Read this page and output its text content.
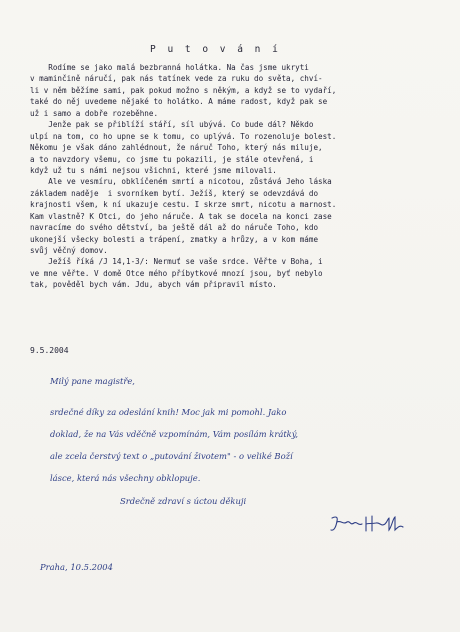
P u t o v á n í
Rodíme se jako malá bezbranná holátka. Na čas jsme ukryti
v maminčině náručí, pak nás tatínek vede za ruku do světa, chví-
li v něm běžíme sami, pak pokud možno s někým, a když se to vydaří,
také do něj uvedeme nějaké to holátko. A máme radost, když pak se
už i samo a dobře rozeběhne.
Jenže pak se přiblíží stáří, síl ubývá. Co bude dál? Někdo
ulpí na tom, co ho upne se k tomu, co uplývá. To rozenoluje bolest.
Někomu je však dáno zahlédnout, že náruč Toho, který nás miluje,
a to navzdory všemu, co jsme tu pokazili, je stále otevřená, i
když už tu s námi nejsou všichni, které jsme milovali.
Ale ve vesmíru, obklíčeném smrtí a nicotou, zůstává Jeho láska
základem naděje  i svorníkem bytí. Ježíš, který se odevzdává do
krajnosti všem, k ní ukazuje cestu. I skrze smrt, nicotu a marnost.
Kam vlastně? K Otci, do jeho náruče. A tak se docela na konci zase
navracíme do svého dětství, ba ještě dál až do náruče Toho, kdo
ukonejší všecky bolesti a trápení, zmatky a hrůzy, a v kom máme
svůj věčný domov.
Ježíš říká /J 14,1-3/: Nermuť se vaše srdce. Věřte v Boha, i
ve mne věřte. V domě Otce mého příbytkové mnozí jsou, byť nebylo
tak, pověděl bych vám. Jdu, abych vám připravil místo.
9.5.2004
Milý pane magistře,
srdečné díky za odeslání knih! Moc jak mi pomohl. Jako
doklad, že na Vás vděčně vzpomínám, Vám posílám krátký,
ale zcela čerstvý text o „putování životem" - o veliké Boží
lásce, která nás všechny obklopuje.
Srdečně zdraví s úctou děkuji
Praha, 10.5.2004
